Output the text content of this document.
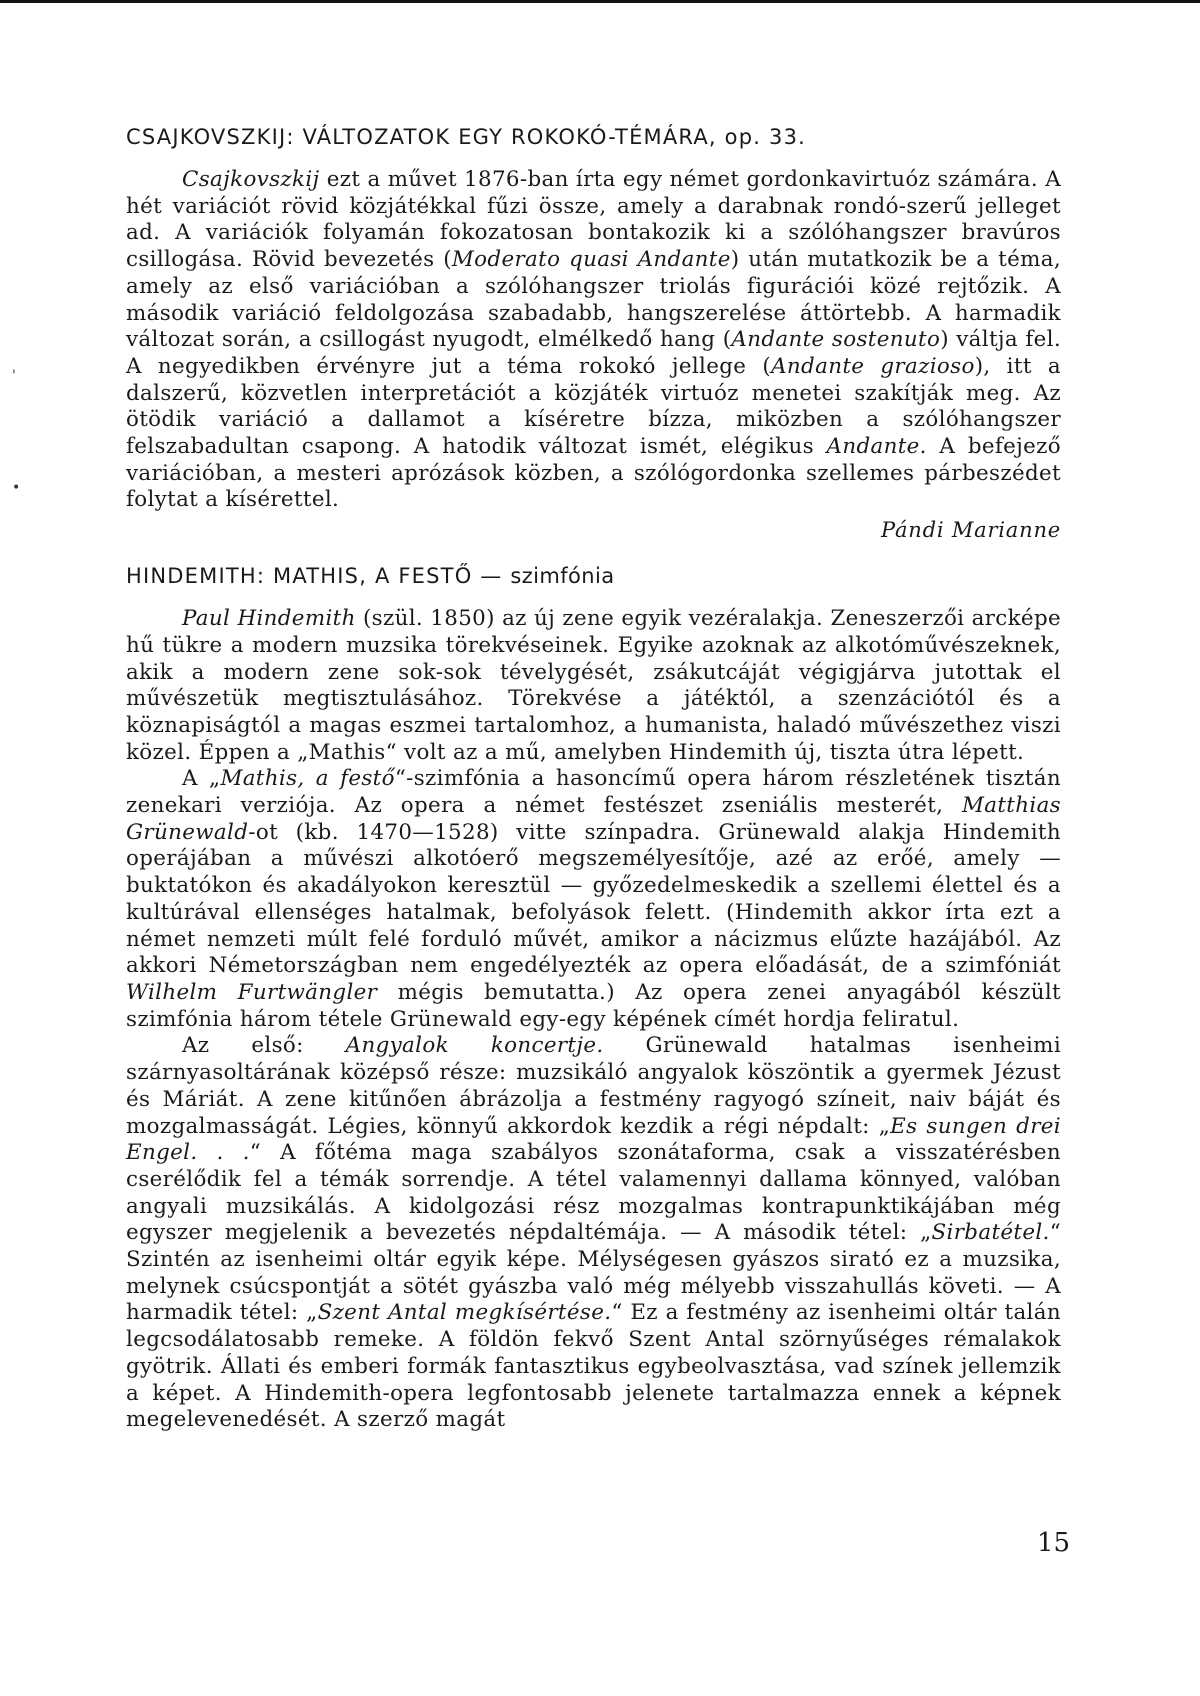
'
•
CSAJKOVSZKIJ: VÁLTOZATOK EGY ROKOKÓ-TÉMÁRA, op. 33.

Csajkovszkij ezt a művet 1876-ban írta egy német gordonkavirtuóz számára. A hét variációt rövid közjátékkal fűzi össze, amely a darabnak rondó-szerű jelleget ad. A variációk folyamán fokozatosan bontakozik ki a szólóhangszer bravúros csillogása. Rövid bevezetés (Moderato quasi Andante) után mutatkozik be a téma, amely az első variációban a szólóhangszer triolás figurációi közé rejtőzik. A második variáció feldolgozása szabadabb, hangszerelése áttörtebb. A harmadik változat során, a csillogást nyugodt, elmélkedő hang (Andante sostenuto) váltja fel. A negyedikben érvényre jut a téma rokokó jellege (Andante grazioso), itt a dalszerű, közvetlen interpretációt a közjáték virtuóz menetei szakítják meg. Az ötödik variáció a dallamot a kíséretre bízza, miközben a szólóhangszer felszabadultan csapong. A hatodik változat ismét, elégikus Andante. A befejező variációban, a mesteri aprózások közben, a szólógordonka szellemes párbeszédet folytat a kísérettel.

Pándi Marianne
HINDEMITH: MATHIS, A FESTŐ — szimfónia

Paul Hindemith (szül. 1850) az új zene egyik vezéralakja. Zeneszerzői arcképe hű tükre a modern muzsika törekvéseinek. Egyike azoknak az alkotóművészeknek, akik a modern zene sok-sok tévelygését, zsákutcáját végigjárva jutottak el művészetük megtisztulásához. Törekvése a játéktól, a szenzációtól és a köznapiságtól a magas eszmei tartalomhoz, a humanista, haladó művészethez viszi közel. Éppen a „Mathis“ volt az a mű, amelyben Hindemith új, tiszta útra lépett.

A „Mathis, a festő“-szimfónia a hasoncímű opera három részletének tisztán zenekari verziója. Az opera a német festészet zseniális mesterét, Matthias Grünewald-ot (kb. 1470—1528) vitte színpadra. Grünewald alakja Hindemith operájában a művészi alkotóerő megszemélyesítője, azé az erőé, amely — buktatókon és akadályokon keresztül — győzedelmeskedik a szellemi élettel és a kultúrával ellenséges hatalmak, befolyások felett. (Hindemith akkor írta ezt a német nemzeti múlt felé forduló művét, amikor a nácizmus elűzte hazájából. Az akkori Németországban nem engedélyezték az opera előadását, de a szimfóniát Wilhelm Furtwängler mégis bemutatta.) Az opera zenei anyagából készült szimfónia három tétele Grünewald egy-egy képének címét hordja feliratul.

Az első: Angyalok koncertje. Grünewald hatalmas isenheimi szárnyasoltárának középső része: muzsikáló angyalok köszöntik a gyermek Jézust és Máriát. A zene kitűnően ábrázolja a festmény ragyogó színeit, naiv báját és mozgalmasságát. Légies, könnyű akkordok kezdik a régi népdalt: „Es sungen drei Engel. . .“ A főtéma maga szabályos szonátaforma, csak a visszatérésben cserélődik fel a témák sorrendje. A tétel valamennyi dallama könnyed, valóban angyali muzsikálás. A kidolgozási rész mozgalmas kontrapunktikájában még egyszer megjelenik a bevezetés népdaltémája. — A második tétel: „Sirbatétel.“ Szintén az isenheimi oltár egyik képe. Mélységesen gyászos sirató ez a muzsika, melynek csúcspontját a sötét gyászba való még mélyebb visszahullás követi. — A harmadik tétel: „Szent Antal megkísértése.“ Ez a festmény az isenheimi oltár talán legcsodálatosabb remeke. A földön fekvő Szent Antal szörnyűséges rémalakok gyötrik. Állati és emberi formák fantasztikus egybeolvasztása, vad színek jellemzik a képet. A Hindemith-opera legfontosabb jelenete tartalmazza ennek a képnek megelevenedését. A szerző magát

15
